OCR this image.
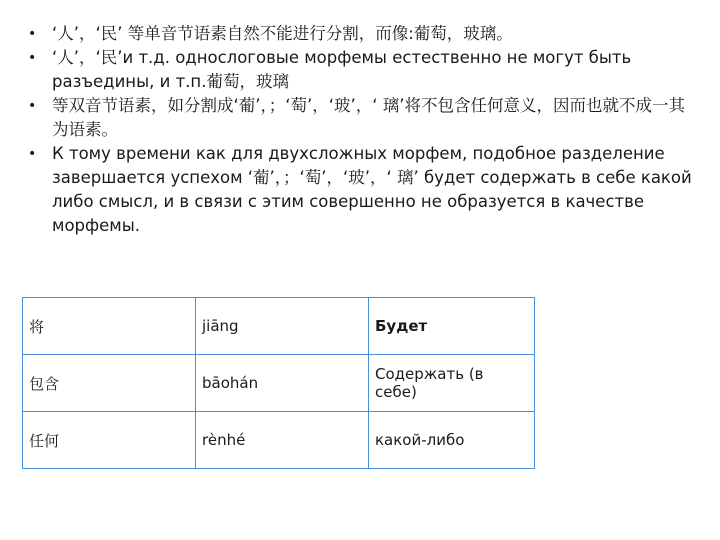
• ‘人’，‘民’ 等单音节语素自然不能进行分割，而像:葡萄，玻璃。
• ‘人’，‘民’и т.д. однослоговые морфемы естественно не могут быть разъедины, и т.п.葡萄，玻璃
• 等双音节语素，如分割成‘葡’，；‘萄’，‘玻’，‘ 璃’将不包含任何意义，因而也就不成一其为语素。
• К тому времени как для двухсложных морфем, подобное разделение завершается успехом ‘葡’，；‘萄’，‘玻’，‘ 璃’ будет содержать в себе какой либо смысл, и в связи с этим совершенно не образуется в качестве морфемы.
将	jiāng	Будет
包含	bāohán	Содержать (в себе)
任何	rènhé	какой-либо
